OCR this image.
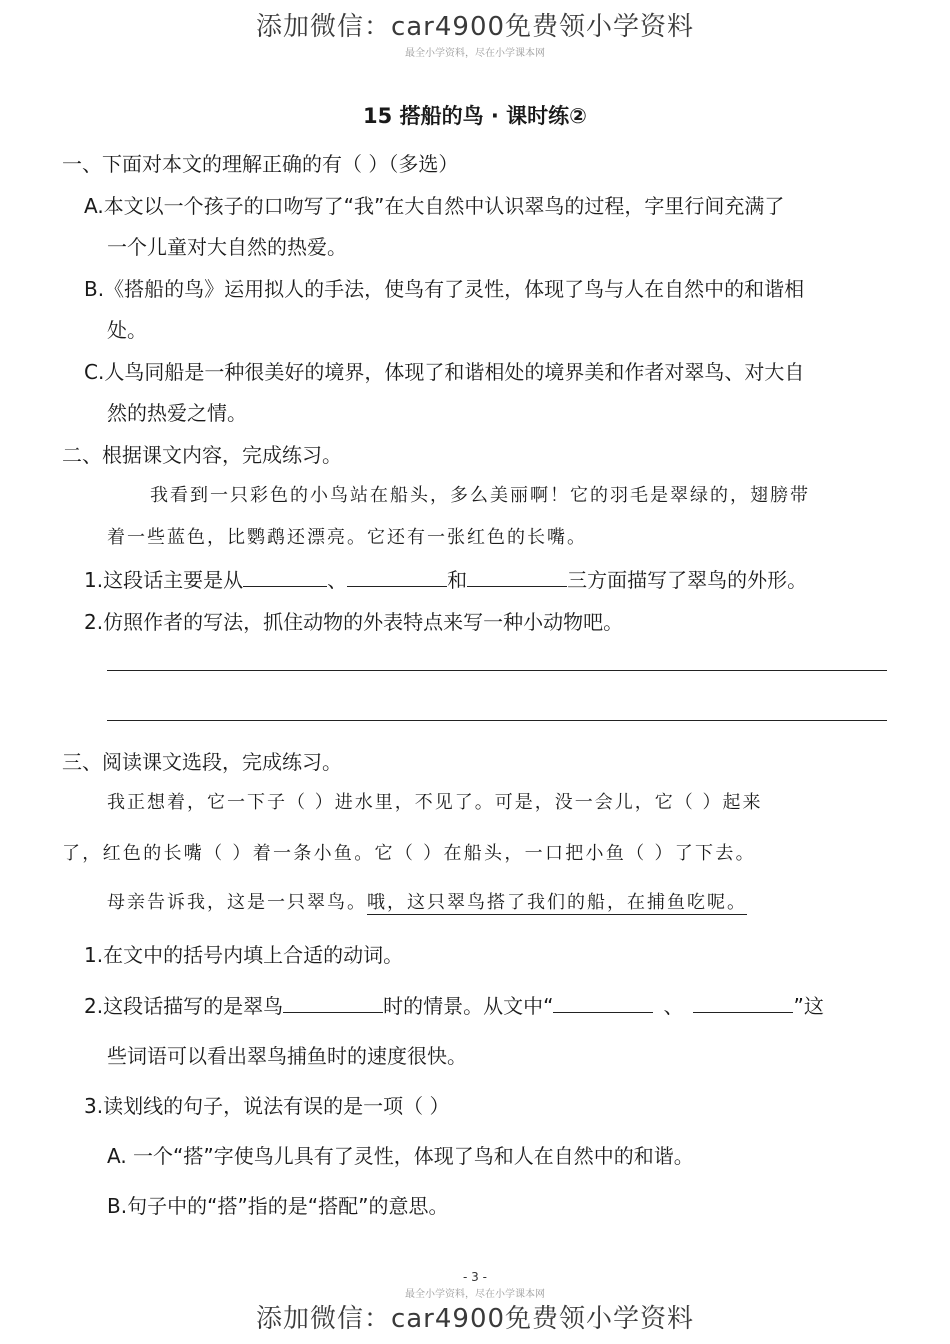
添加微信：car4900免费领小学资料
最全小学资料，尽在小学课本网
15 搭船的鸟 · 课时练②
一、下面对本文的理解正确的有（ ）（多选）
A.本文以一个孩子的口吻写了“我”在大自然中认识翠鸟的过程，字里行间充满了
一个儿童对大自然的热爱。
B.《搭船的鸟》运用拟人的手法，使鸟有了灵性，体现了鸟与人在自然中的和谐相
处。
C.人鸟同船是一种很美好的境界，体现了和谐相处的境界美和作者对翠鸟、对大自
然的热爱之情。
二、根据课文内容，完成练习。
我看到一只彩色的小鸟站在船头，多么美丽啊！它的羽毛是翠绿的，翅膀带
着一些蓝色，比鹦鹉还漂亮。它还有一张红色的长嘴。
1.这段话主要是从	、	和	三方面描写了翠鸟的外形。
2.仿照作者的写法，抓住动物的外表特点来写一种小动物吧。
三、阅读课文选段，完成练习。
我正想着，它一下子（ ）进水里，不见了。可是，没一会儿，它（ ）起来
了，红色的长嘴（ ）着一条小鱼。它（ ）在船头，一口把小鱼（ ）了下去。
母亲告诉我，这是一只翠鸟。哦，这只翠鸟搭了我们的船，在捕鱼吃呢。
1.在文中的括号内填上合适的动词。
2.这段话描写的是翠鸟	时的情景。从文中“	、	”这
些词语可以看出翠鸟捕鱼时的速度很快。
3.读划线的句子，说法有误的是一项（ ）
A. 一个“搭”字使鸟儿具有了灵性，体现了鸟和人在自然中的和谐。
B.句子中的“搭”指的是“搭配”的意思。
- 3 -
最全小学资料，尽在小学课本网
添加微信：car4900免费领小学资料
